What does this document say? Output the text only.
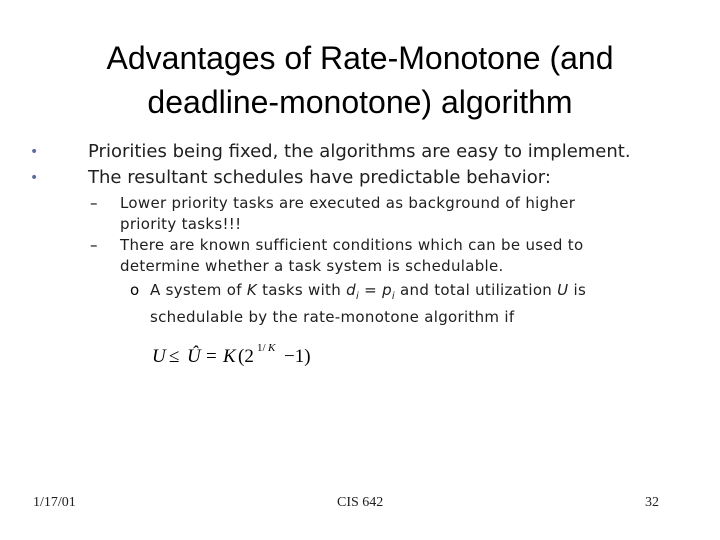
Advantages of Rate-Monotone (and
deadline-monotone) algorithm
•	Priorities being fixed, the algorithms are easy to implement.
•	The resultant schedules have predictable behavior:
–	Lower priority tasks are executed as background of higher priority tasks!!!
–	There are known sufficient conditions which can be used to determine whether a task system is schedulable.
o A system of K tasks with $d_i = p_i$ and total utilization U is schedulable by the rate-monotone algorithm if
U ≤ Û = K (2 1/ K −1)
1/17/01	CIS 642	32
